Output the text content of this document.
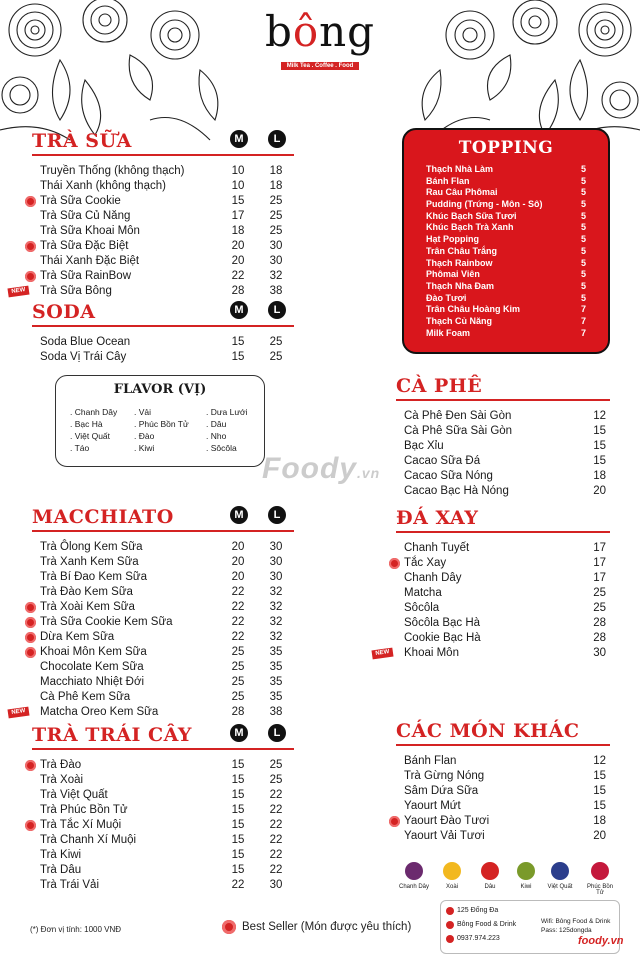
bông
Milk Tea . Coffee . Food
TRÀ SỮA	M	L
Truyền Thống (không thạch)	10	18
Thái Xanh (không thạch)	10	18
Trà Sữa Cookie	15	25
Trà Sữa Củ Năng	17	25
Trà Sữa Khoai Môn	18	25
Trà Sữa Đặc Biệt	20	30
Thái Xanh Đặc Biệt	20	30
Trà Sữa RainBow	22	32
NEW	Trà Sữa Bông	28	38
SODA	M	L
Soda Blue Ocean	15	25
Soda Vị Trái Cây	15	25
FLAVOR (VỊ)
. Chanh Dây
. Bạc Hà
. Việt Quất
. Táo
. Vải
. Phúc Bồn Tử
. Đào
. Kiwi
. Dưa Lưới
. Dâu
. Nho
. Sôcôla
MACCHIATO	M	L
Trà Ôlong Kem Sữa	20	30
Trà Xanh Kem Sữa	20	30
Trà Bí Đao Kem Sữa	20	30
Trà Đào Kem Sữa	22	32
Trà Xoài Kem Sữa	22	32
Trà Sữa Cookie Kem Sữa	22	32
Dừa Kem Sữa	22	32
Khoai Môn Kem Sữa	25	35
Chocolate Kem Sữa	25	35
Macchiato Nhiệt Đới	25	35
Cà Phê Kem Sữa	25	35
NEW	Matcha Oreo Kem Sữa	28	38
TRÀ TRÁI CÂY	M	L
Trà Đào	15	25
Trà Xoài	15	25
Trà Việt Quất	15	22
Trà Phúc Bồn Tử	15	22
Trà Tắc Xí Muội	15	22
Trà Chanh Xí Muội	15	22
Trà Kiwi	15	22
Trà Dâu	15	22
Trà Trái Vải	22	30
TOPPING
Thạch Nhà Làm	5
Bánh Flan	5
Rau Câu Phômai	5
Pudding (Trứng - Môn - Sô)	5
Khúc Bạch Sữa Tươi	5
Khúc Bạch Trà Xanh	5
Hạt Popping	5
Trân Châu Trắng	5
Thạch Rainbow	5
Phômai Viên	5
Thạch Nha Đam	5
Đào Tươi	5
Trân Châu Hoàng Kim	7
Thạch Củ Năng	7
Milk Foam	7
CÀ PHÊ
Cà Phê Đen Sài Gòn	12
Cà Phê Sữa Sài Gòn	15
Bạc Xỉu	15
Cacao Sữa Đá	15
Cacao Sữa Nóng	18
Cacao Bạc Hà Nóng	20
ĐÁ XAY
Chanh Tuyết	17
Tắc Xay	17
Chanh Dây	17
Matcha	25
Sôcôla	25
Sôcôla Bạc Hà	28
Cookie Bạc Hà	28
NEW	Khoai Môn	30
CÁC MÓN KHÁC
Bánh Flan	12
Trà Gừng Nóng	15
Sâm Dứa Sữa	15
Yaourt Mứt	15
Yaourt Đào Tươi	18
Yaourt Vải Tươi	20
Foody.vn
Chanh Dây	Xoài	Dâu	Kiwi	Việt Quất	Phúc Bồn Tử
(*) Đơn vị tính: 1000 VNĐ	Best Seller (Món được yêu thích)
125 Đống Đa
Bông Food & Drink
0937.974.223
Wifi: Bông Food & Drink
Pass: 125dongda
foody.vn
